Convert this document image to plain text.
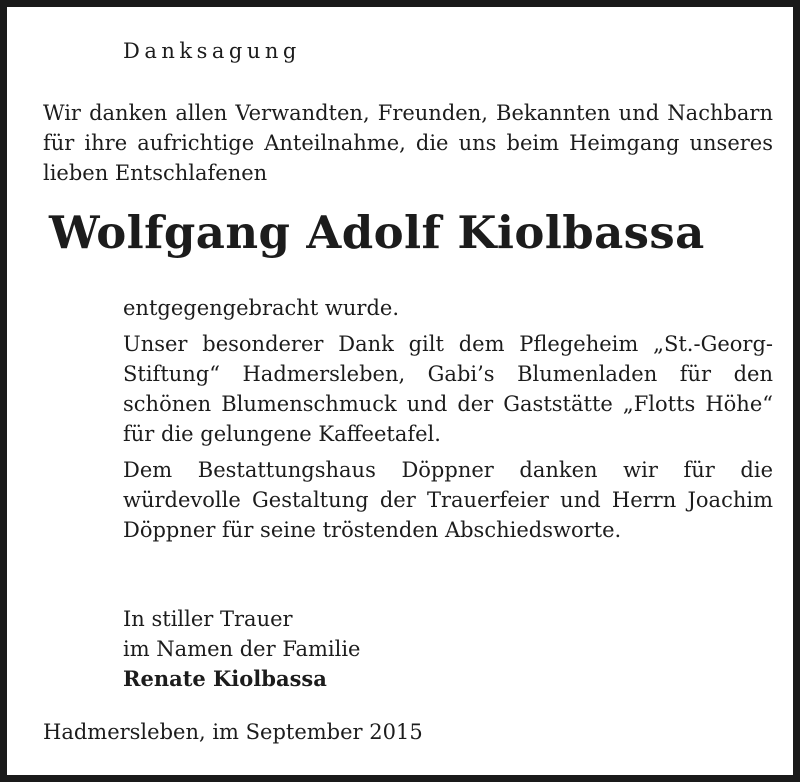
Danksagung
Wir danken allen Verwandten, Freunden, Bekannten und Nachbarn für ihre aufrichtige Anteilnahme, die uns beim Heimgang unseres lieben Entschlafenen
Wolfgang Adolf Kiolbassa

entgegengebracht wurde.

Unser besonderer Dank gilt dem Pflegeheim „St.-Georg-Stiftung“ Hadmersleben, Gabi’s Blumenladen für den schönen Blumenschmuck und der Gaststätte „Flotts Höhe“ für die gelungene Kaffeetafel.

Dem Bestattungshaus Döppner danken wir für die würdevolle Gestaltung der Trauerfeier und Herrn Joachim Döppner für seine tröstenden Abschiedsworte.

In stiller Trauer
im Namen der Familie
Renate Kiolbassa
Hadmersleben, im September 2015
